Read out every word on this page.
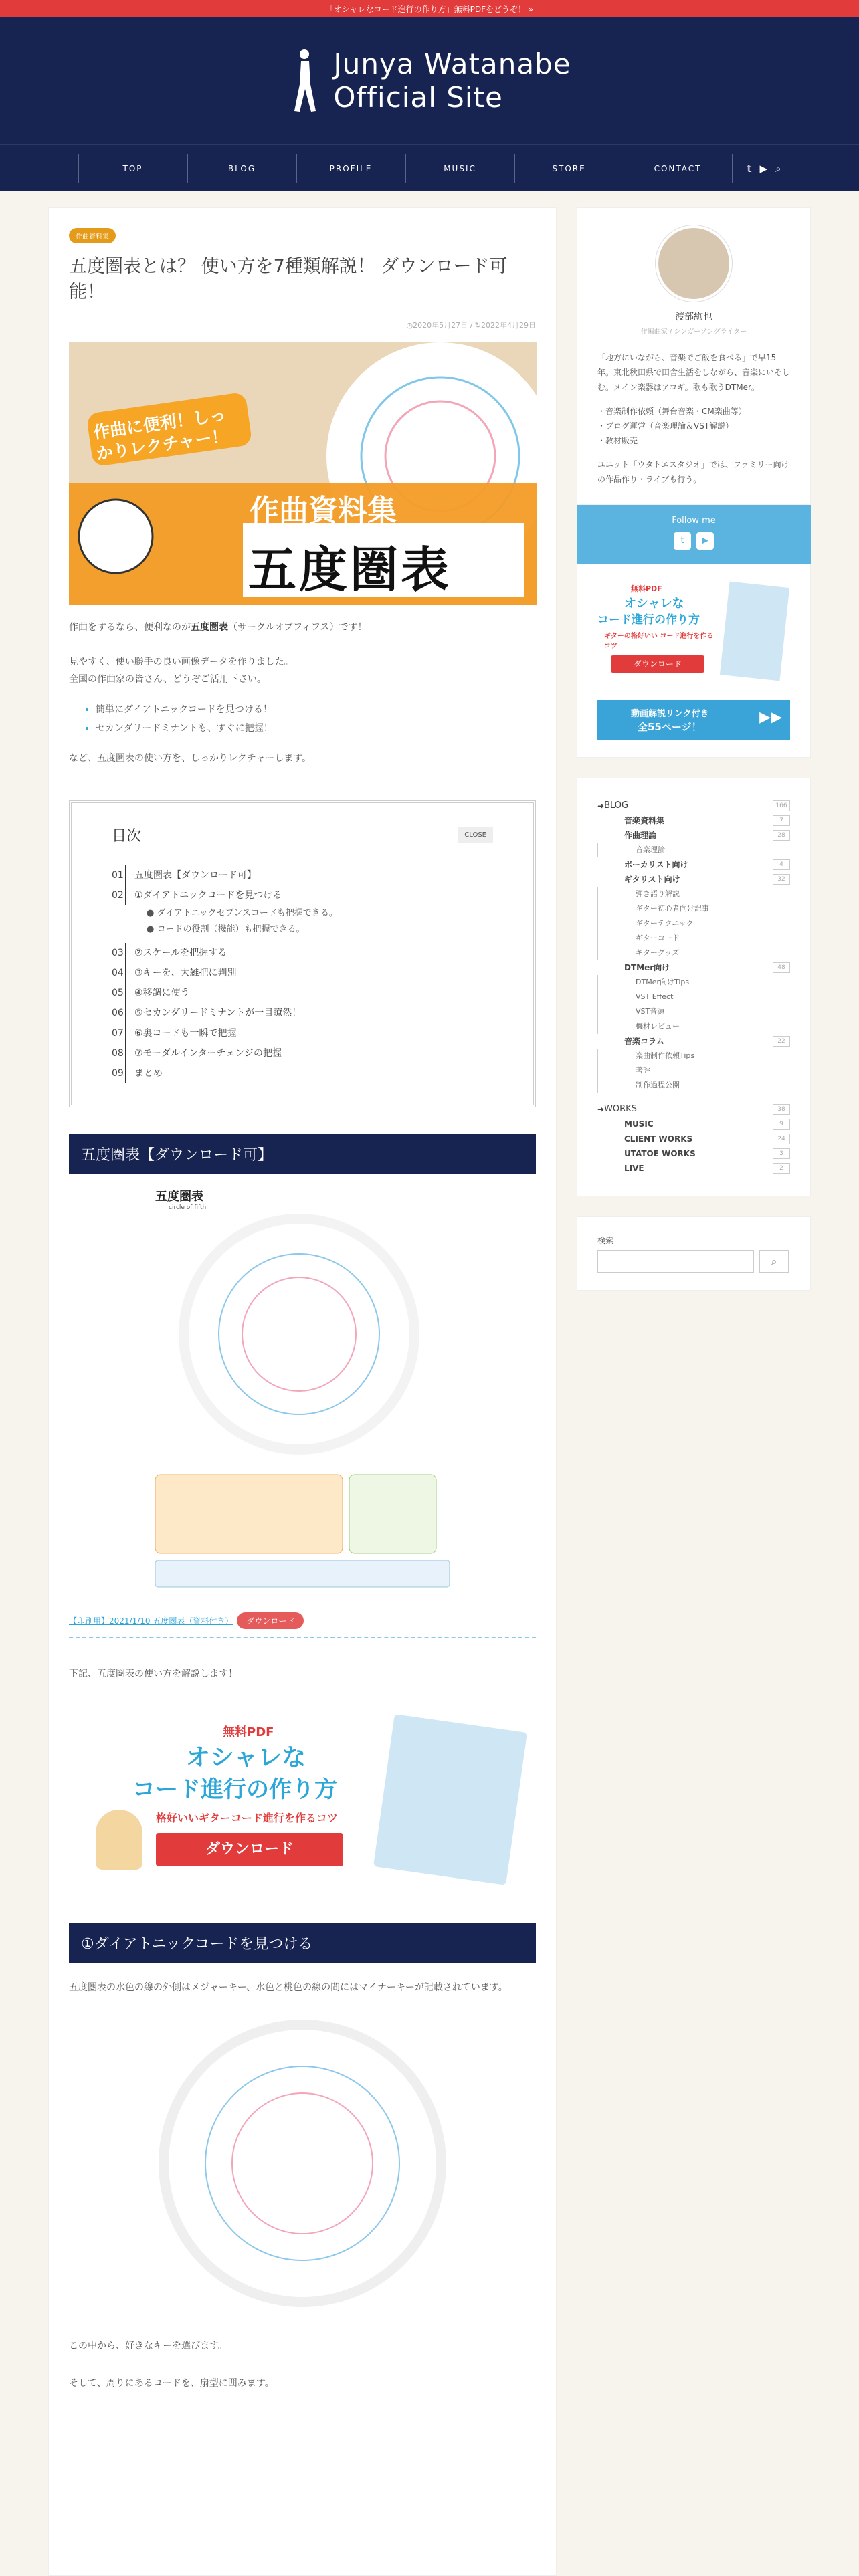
「オシャレなコード進行の作り方」無料PDFをどうぞ！ »
Junya Watanabe
Official Site
TOP	BLOG	PROFILE	MUSIC	STORE	CONTACT	𝕥 ▶ ⌕
作曲資料集
五度圏表とは？ 使い方を7種類解説！ ダウンロード可能！
◷2020年5月27日 / ↻2022年4月29日
作曲に便利！しっかりレクチャー！
作曲資料集
五度圏表

作曲をするなら、便利なのが五度圏表（サークルオブフィフス）です！

見やすく、使い勝手の良い画像データを作りました。

全国の作曲家の皆さん、どうぞご活用下さい。

• 簡単にダイアトニックコードを見つける！
• セカンダリードミナントも、すぐに把握！

など、五度圏表の使い方を、しっかりレクチャーします。

目次	CLOSE
01 五度圏表【ダウンロード可】
02 ①ダイアトニックコードを見つける
● ダイアトニックセブンスコードも把握できる。
● コードの役割（機能）も把握できる。
03 ②スケールを把握する
04 ③キーを、大雑把に判別
05 ④移調に使う
06 ⑤セカンダリードミナントが一目瞭然！
07 ⑥裏コードも一瞬で把握
08 ⑦モーダルインターチェンジの把握
09 まとめ
五度圏表【ダウンロード可】
五度圏表
circle of fifth
【印刷用】2021/1/10 五度圏表（資料付き） ダウンロード

下記、五度圏表の使い方を解説します！

無料PDF
オシャレな
コード進行の作り方
格好いいギターコード進行を作るコツ
ダウンロード
①ダイアトニックコードを見つける

五度圏表の水色の線の外側はメジャーキー、水色と桃色の線の間にはマイナーキーが記載されています。

この中から、好きなキーを選びます。

そして、周りにあるコードを、扇型に囲みます。

渡部絢也
作編曲家 / シンガーソングライター

「地方にいながら、音楽でご飯を食べる」で早15年。東北秋田県で田舎生活をしながら、音楽にいそしむ。メイン楽器はアコギ。歌も歌うDTMer。

・音楽制作依頼（舞台音楽・CM楽曲等）

・ブログ運営（音楽理論＆VST解説）

・教材販売

ユニット「ウタトエスタジオ」では、ファミリー向けの作品作り・ライブも行う。

Follow me
t ▶
無料PDF
オシャレな
コード進行の作り方
ギターの格好いい コード進行を作るコツ
ダウンロード
動画解説リンク付き
全55ページ！
▶▶
➜ BLOG	166
音楽資料集	7
作曲理論	28
音楽理論
ボーカリスト向け	4
ギタリスト向け	32
弾き語り解説
ギター初心者向け記事
ギターテクニック
ギターコード
ギターグッズ
DTMer向け	48
DTMer向けTips
VST Effect
VST音源
機材レビュー
音楽コラム	22
楽曲制作依頼Tips
著評
制作過程公開
➜ WORKS	38
MUSIC	9
CLIENT WORKS	24
UTATOE WORKS	3
LIVE	2
検索
⌕
